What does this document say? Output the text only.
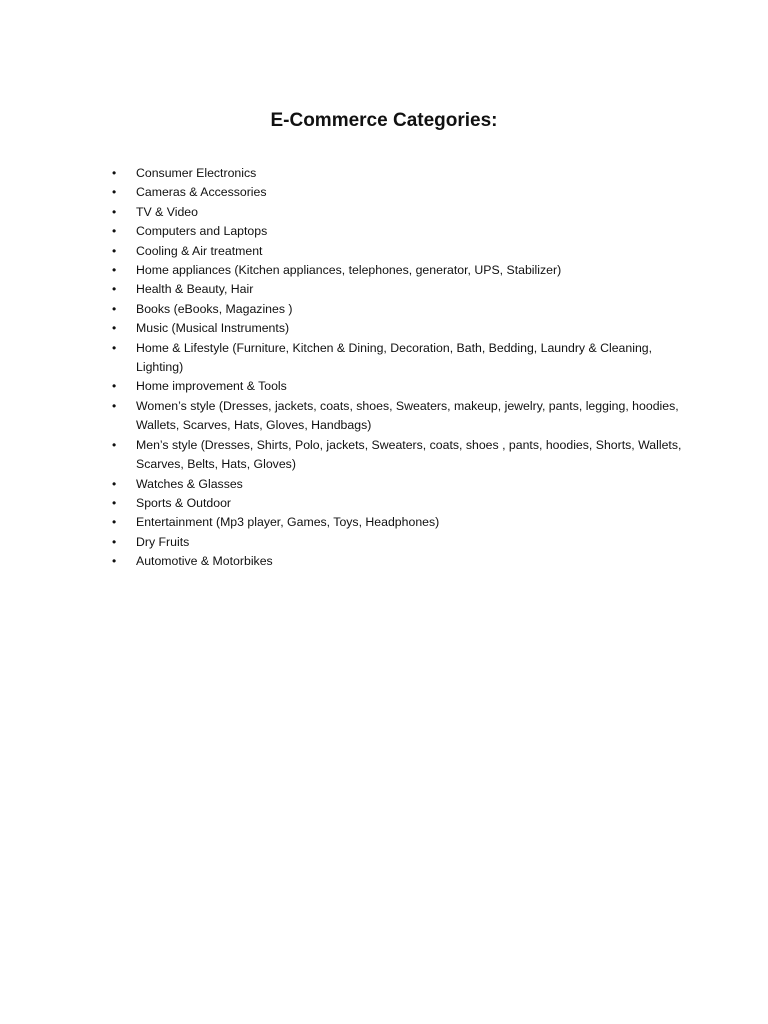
E-Commerce Categories:
• Consumer Electronics
• Cameras & Accessories
• TV & Video
• Computers and Laptops
• Cooling & Air treatment
• Home appliances (Kitchen appliances, telephones, generator, UPS, Stabilizer)
• Health & Beauty, Hair
• Books (eBooks, Magazines )
• Music (Musical Instruments)
• Home & Lifestyle (Furniture, Kitchen & Dining, Decoration, Bath, Bedding, Laundry & Cleaning, Lighting)
• Home improvement & Tools
• Women’s style (Dresses, jackets, coats, shoes, Sweaters, makeup, jewelry, pants, legging, hoodies, Wallets, Scarves, Hats, Gloves, Handbags)
• Men’s style (Dresses, Shirts, Polo, jackets, Sweaters, coats, shoes , pants, hoodies, Shorts, Wallets, Scarves, Belts, Hats, Gloves)
• Watches & Glasses
• Sports & Outdoor
• Entertainment (Mp3 player, Games, Toys, Headphones)
• Dry Fruits
• Automotive & Motorbikes
